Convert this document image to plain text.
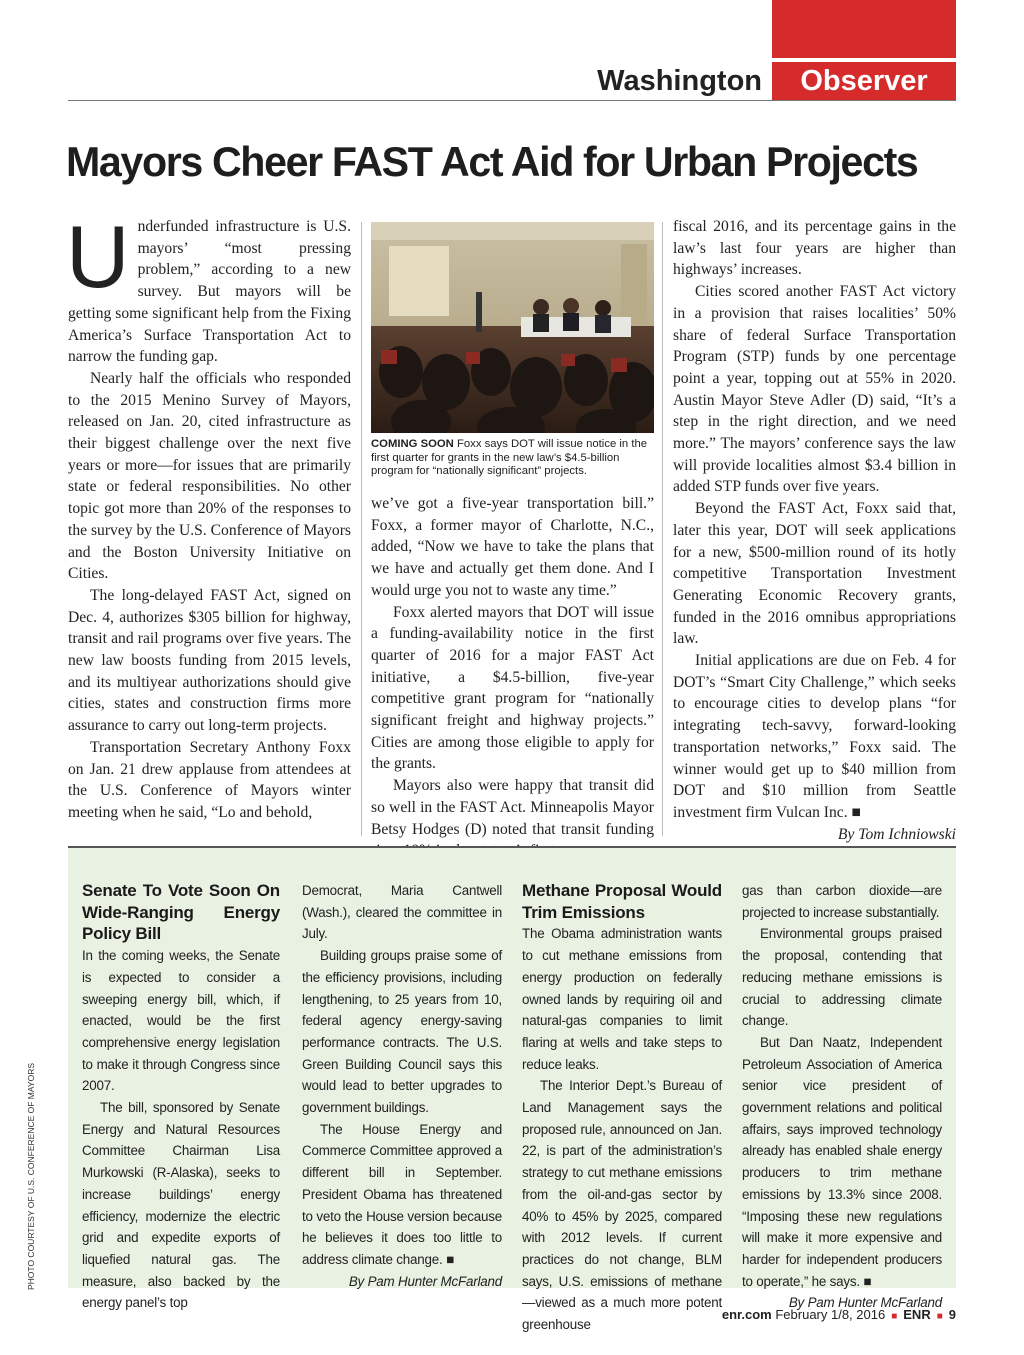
Washington	Observer
Mayors Cheer FAST Act Aid for Urban Projects

Underfunded infrastructure is U.S. mayors’ “most pressing problem,” according to a new survey. But mayors will be getting some significant help from the Fixing America’s Surface Transportation Act to narrow the funding gap.

Nearly half the officials who responded to the 2015 Menino Survey of Mayors, released on Jan. 20, cited infrastructure as their biggest challenge over the next five years or more—for issues that are primarily state or federal responsibilities. No other topic got more than 20% of the responses to the survey by the U.S. Conference of Mayors and the Boston University Initiative on Cities.

The long-delayed FAST Act, signed on Dec. 4, authorizes $305 billion for highway, transit and rail programs over five years. The new law boosts funding from 2015 levels, and its multiyear authorizations should give cities, states and construction firms more assurance to carry out long-term projects.

Transportation Secretary Anthony Foxx on Jan. 21 drew applause from attendees at the U.S. Conference of Mayors winter meeting when he said, “Lo and behold,

COMING SOON Foxx says DOT will issue notice in the first quarter for grants in the new law’s $4.5-billion program for “nationally significant” projects.

we’ve got a five-year transportation bill.” Foxx, a former mayor of Charlotte, N.C., added, “Now we have to take the plans that we have and actually get them done. And I would urge you not to waste any time.”

Foxx alerted mayors that DOT will issue a funding-availability notice in the first quarter of 2016 for a major FAST Act initiative, a $4.5-billion, five-year competitive grant program for “nationally significant freight and highway projects.” Cities are among those eligible to apply for the grants.

Mayors also were happy that transit did so well in the FAST Act. Minneapolis Mayor Betsy Hodges (D) noted that transit funding

fiscal 2016, and its percentage gains in the law’s last four years are higher than highways’ increases.

Cities scored another FAST Act victory in a provision that raises localities’ 50% share of federal Surface Transportation Program (STP) funds by one percentage point a year, topping out at 55% in 2020. Austin Mayor Steve Adler (D) said, “It’s a step in the right direction, and we need more.” The mayors’ conference says the law will provide localities almost $3.4 billion in added STP funds over five years.

Beyond the FAST Act, Foxx said that, later this year, DOT will seek applications for a new, $500-million round of its hotly competitive Transportation Investment Generating Economic Recovery grants, funded in the 2016 omnibus appropriations law.

Initial applications are due on Feb. 4 for DOT’s “Smart City Challenge,” which seeks to encourage cities to develop plans “for integrating tech-savvy, forward-looking transportation networks,” Foxx said. The winner would get up to $40 million from DOT and $10 million from Seattle investment firm Vulcan Inc. ■

By Tom Ichniowski
Senate To Vote Soon On Wide-Ranging Energy Policy Bill

In the coming weeks, the Senate is expected to consider a sweeping energy bill, which, if enacted, would be the first comprehensive energy legislation to make it through Congress since 2007.

The bill, sponsored by Senate Energy and Natural Resources Committee Chairman Lisa Murkowski (R-Alaska), seeks to increase buildings’ energy efficiency, modernize the electric grid and expedite exports of liquefied natural gas. The measure, also backed by the energy panel’s top

Democrat, Maria Cantwell (Wash.), cleared the committee in July.

Building groups praise some of the efficiency provisions, including lengthening, to 25 years from 10, federal agency energy-saving performance contracts. The U.S. Green Building Council says this would lead to better upgrades to government buildings.

The House Energy and Commerce Committee approved a different bill in September. President Obama has threatened to veto the House version because he believes it does too little to address climate change. ■

By Pam Hunter McFarland
Methane Proposal Would Trim Emissions

The Obama administration wants to cut methane emissions from energy production on federally owned lands by requiring oil and natural-gas companies to limit flaring at wells and take steps to reduce leaks.

The Interior Dept.’s Bureau of Land Management says the proposed rule, announced on Jan. 22, is part of the administration’s strategy to cut methane emissions from the oil-and-gas sector by 40% to 45% by 2025, compared with 2012 levels. If current practices do not change, BLM says, U.S. emissions of methane—viewed as a much more potent greenhouse

gas than carbon dioxide—are projected to increase substantially.

Environmental groups praised the proposal, contending that reducing methane emissions is crucial to addressing climate change.

But Dan Naatz, Independent Petroleum Association of America senior vice president of government relations and political affairs, says improved technology already has enabled shale energy producers to trim methane emissions by 13.3% since 2008. “Imposing these new regulations will make it more expensive and harder for independent producers to operate,” he says. ■

By Pam Hunter McFarland
PHOTO COURTESY OF U.S. CONFERENCE OF MAYORS
enr.com February 1/8, 2016 ■ ENR ■ 9
